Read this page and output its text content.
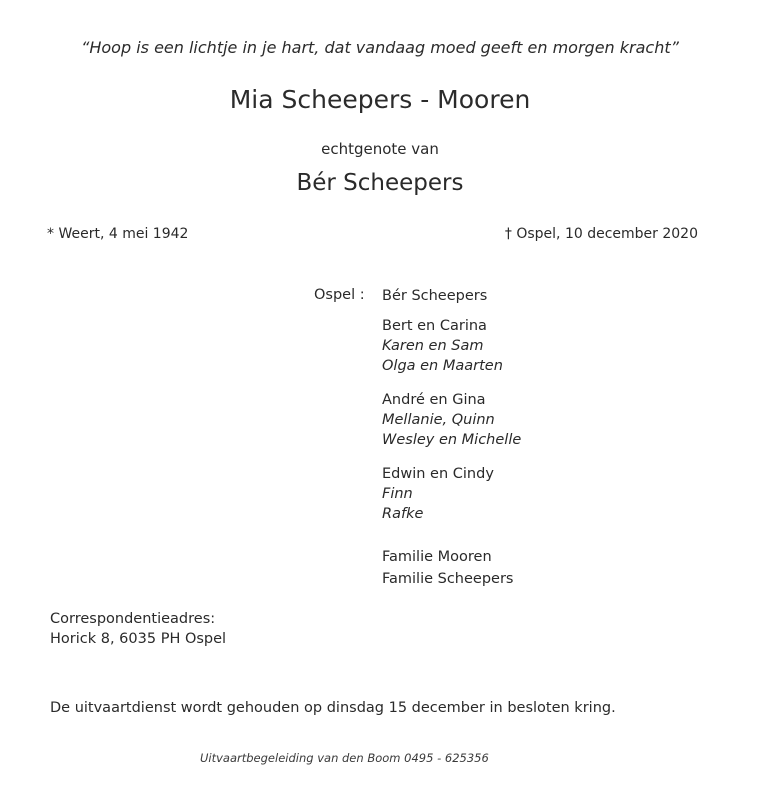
“Hoop is een lichtje in je hart, dat vandaag moed geeft en morgen kracht”
Mia Scheepers - Mooren
echtgenote van
Bér Scheepers
* Weert, 4 mei 1942	† Ospel, 10 december 2020
Ospel : Bér Scheepers
Bert en Carina
Karen en Sam
Olga en Maarten
André en Gina
Mellanie, Quinn
Wesley en Michelle
Edwin en Cindy
Finn
Rafke
Familie Mooren
Familie Scheepers
Correspondentieadres:
Horick 8, 6035 PH Ospel
De uitvaartdienst wordt gehouden op dinsdag 15 december in besloten kring.
Uitvaartbegeleiding van den Boom 0495 - 625356
